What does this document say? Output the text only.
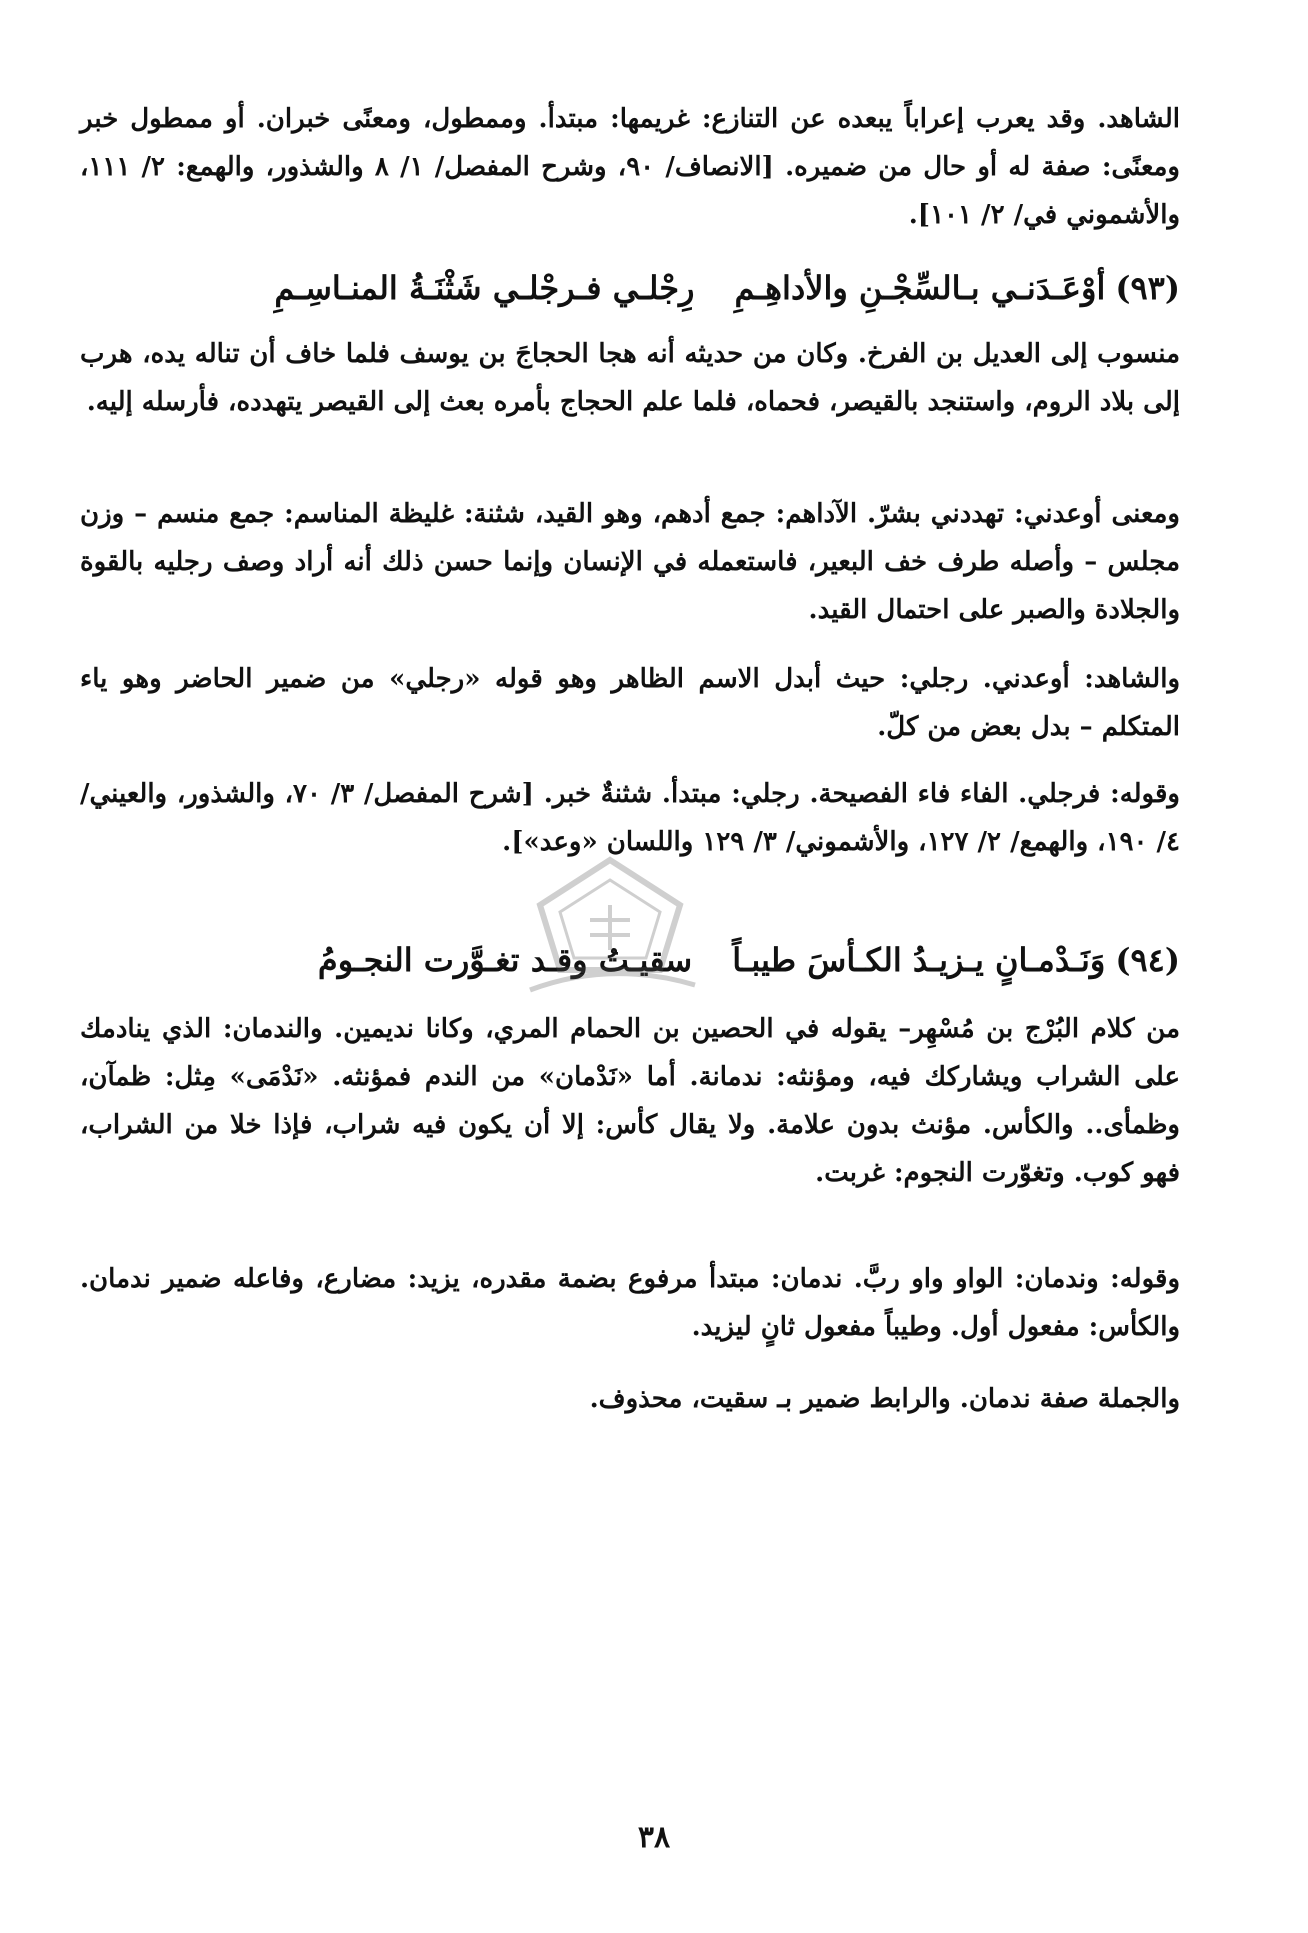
الشاهد. وقد يعرب إعراباً يبعده عن التنازع: غريمها: مبتدأ. وممطول، ومعنًى خبران. أو ممطول خبر ومعنًى: صفة له أو حال من ضميره. [الانصاف/ ٩٠، وشرح المفصل/ ١/ ٨ والشذور، والهمع: ٢/ ١١١، والأشموني في/ ٢/ ١٠١].

(٩٣)
أوْعَـدَنـي بـالسِّجْـنِ والأداهِـمِ
رِجْلـي فـرجْلـي شَثْنَـةُ المنـاسِـمِ

منسوب إلى العديل بن الفرخ. وكان من حديثه أنه هجا الحجاجَ بن يوسف فلما خاف أن تناله يده، هرب إلى بلاد الروم، واستنجد بالقيصر، فحماه، فلما علم الحجاج بأمره بعث إلى القيصر يتهدده، فأرسله إليه.

ومعنى أوعدني: تهددني بشرّ. الآداهم: جمع أدهم، وهو القيد، شثنة: غليظة المناسم: جمع منسم – وزن مجلس – وأصله طرف خف البعير، فاستعمله في الإنسان وإنما حسن ذلك أنه أراد وصف رجليه بالقوة والجلادة والصبر على احتمال القيد.

والشاهد: أوعدني. رجلي: حيث أبدل الاسم الظاهر وهو قوله «رجلي» من ضمير الحاضر وهو ياء المتكلم – بدل بعض من كلّ.

وقوله: فرجلي. الفاء فاء الفصيحة. رجلي: مبتدأ. شثنةٌ خبر. [شرح المفصل/ ٣/ ٧٠، والشذور، والعيني/ ٤/ ١٩٠، والهمع/ ٢/ ١٢٧، والأشموني/ ٣/ ١٢٩ واللسان «وعد»].

(٩٤)
وَنَـدْمـانٍ يـزيـدُ الكـأسَ طيبـاً
سقيـتُ وقـد تغـوَّرت النجـومُ

من كلام البُرْج بن مُسْهِر– يقوله في الحصين بن الحمام المري، وكانا نديمين. والندمان: الذي ينادمك على الشراب ويشاركك فيه، ومؤنثه: ندمانة. أما «نَدْمان» من الندم فمؤنثه. «نَدْمَى» مِثل: ظمآن، وظمأى.. والكأس. مؤنث بدون علامة. ولا يقال كأس: إلا أن يكون فيه شراب، فإذا خلا من الشراب، فهو كوب. وتغوّرت النجوم: غربت.

وقوله: وندمان: الواو واو ربَّ. ندمان: مبتدأ مرفوع بضمة مقدره، يزيد: مضارع، وفاعله ضمير ندمان. والكأس: مفعول أول. وطيباً مفعول ثانٍ ليزيد.

والجملة صفة ندمان. والرابط ضمير بـ سقيت، محذوف.

٣٨
